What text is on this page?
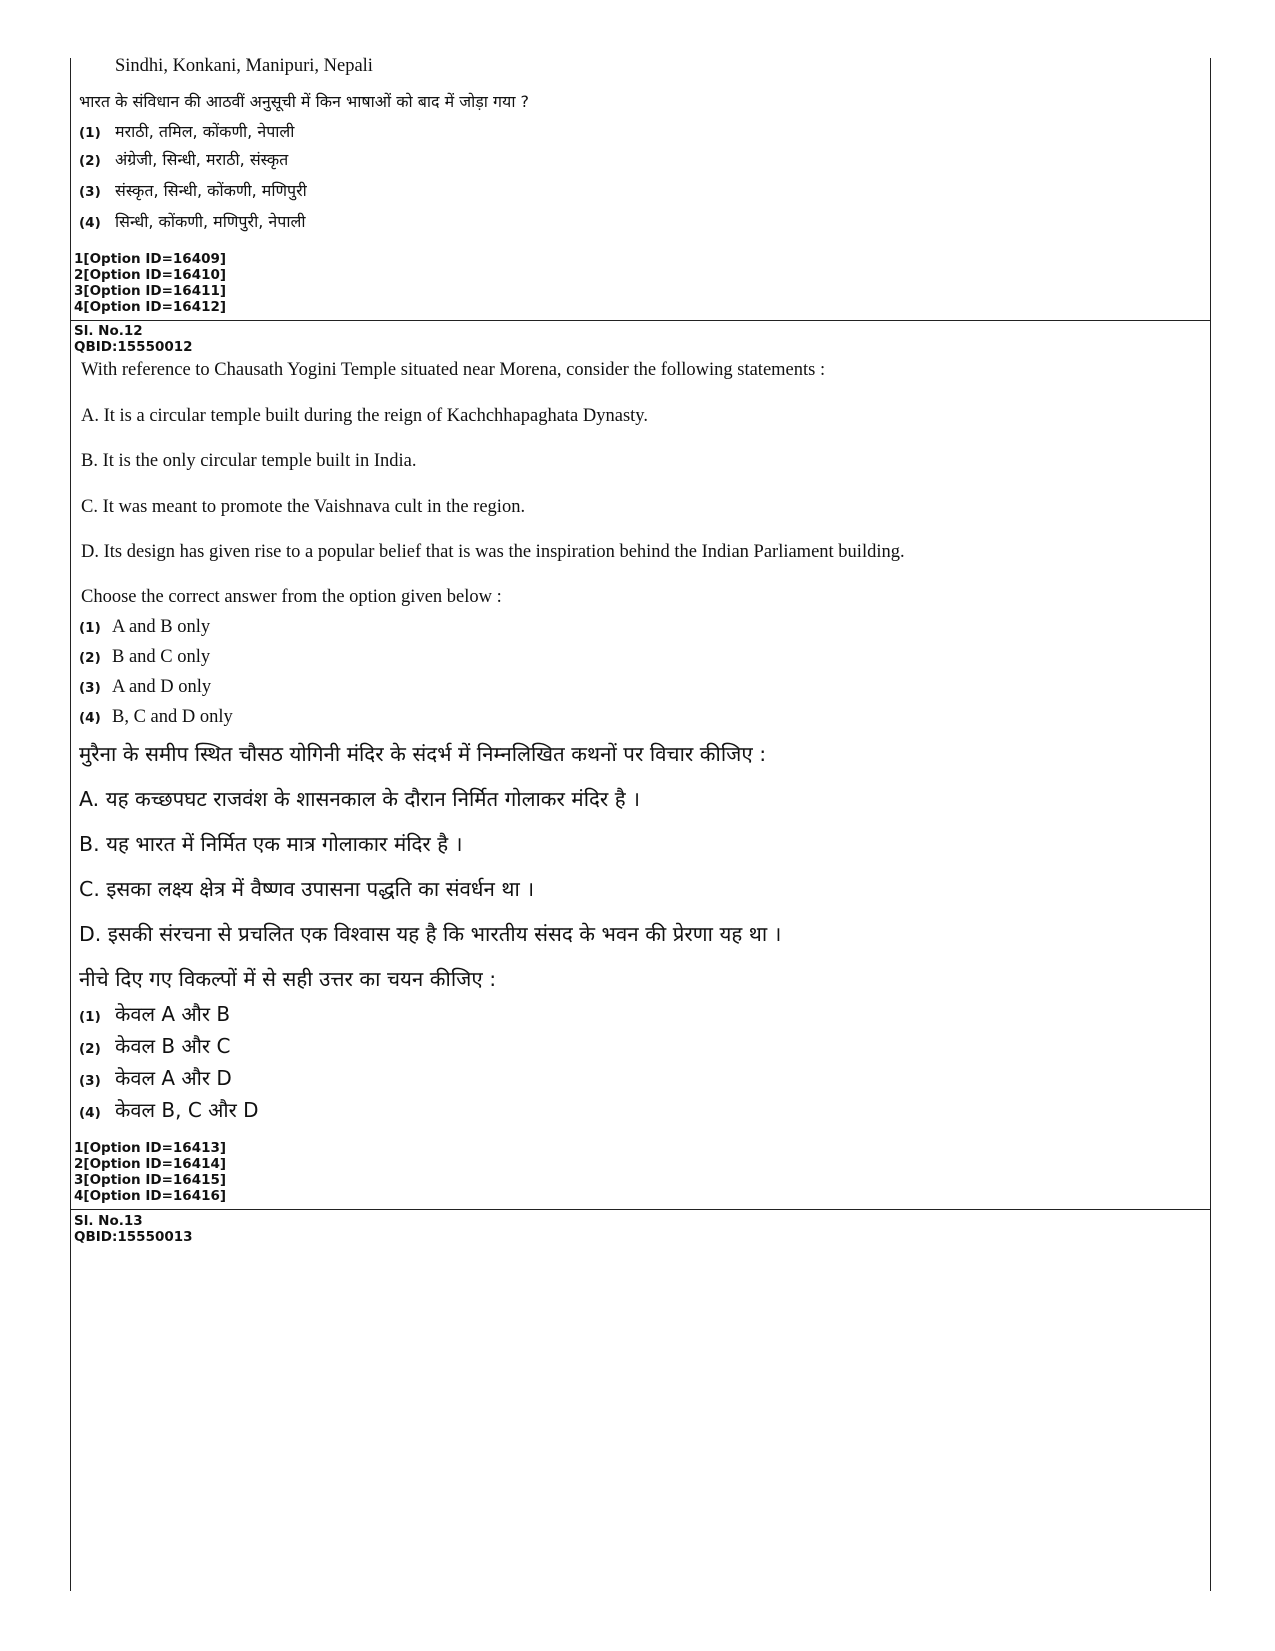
Sindhi, Konkani, Manipuri, Nepali
भारत के संविधान की आठवीं अनुसूची में किन भाषाओं को बाद में जोड़ा गया ?
(1) मराठी, तमिल, कोंकणी, नेपाली
(2) अंग्रेजी, सिन्धी, मराठी, संस्कृत
(3) संस्कृत, सिन्धी, कोंकणी, मणिपुरी
(4) सिन्धी, कोंकणी, मणिपुरी, नेपाली
1[Option ID=16409]
2[Option ID=16410]
3[Option ID=16411]
4[Option ID=16412]
Sl. No.12
QBID:15550012
With reference to Chausath Yogini Temple situated near Morena, consider the following statements :
A. It is a circular temple built during the reign of Kachchhapaghata Dynasty.
B. It is the only circular temple built in India.
C. It was meant to promote the Vaishnava cult in the region.
D. Its design has given rise to a popular belief that is was the inspiration behind the Indian Parliament building.
Choose the correct answer from the option given below :
(1) A and B only
(2) B and C only
(3) A and D only
(4) B, C and D only
मुरैना के समीप स्थित चौसठ योगिनी मंदिर के संदर्भ में निम्नलिखित कथनों पर विचार कीजिए :
A. यह कच्छपघट राजवंश के शासनकाल के दौरान निर्मित गोलाकर मंदिर है ।
B. यह भारत में निर्मित एक मात्र गोलाकार मंदिर है ।
C. इसका लक्ष्य क्षेत्र में वैष्णव उपासना पद्धति का संवर्धन था ।
D. इसकी संरचना से प्रचलित एक विश्वास यह है कि भारतीय संसद के भवन की प्रेरणा यह था ।
नीचे दिए गए विकल्पों में से सही उत्तर का चयन कीजिए :
(1) केवल A और B
(2) केवल B और C
(3) केवल A और D
(4) केवल B, C और D
1[Option ID=16413]
2[Option ID=16414]
3[Option ID=16415]
4[Option ID=16416]
Sl. No.13
QBID:15550013
